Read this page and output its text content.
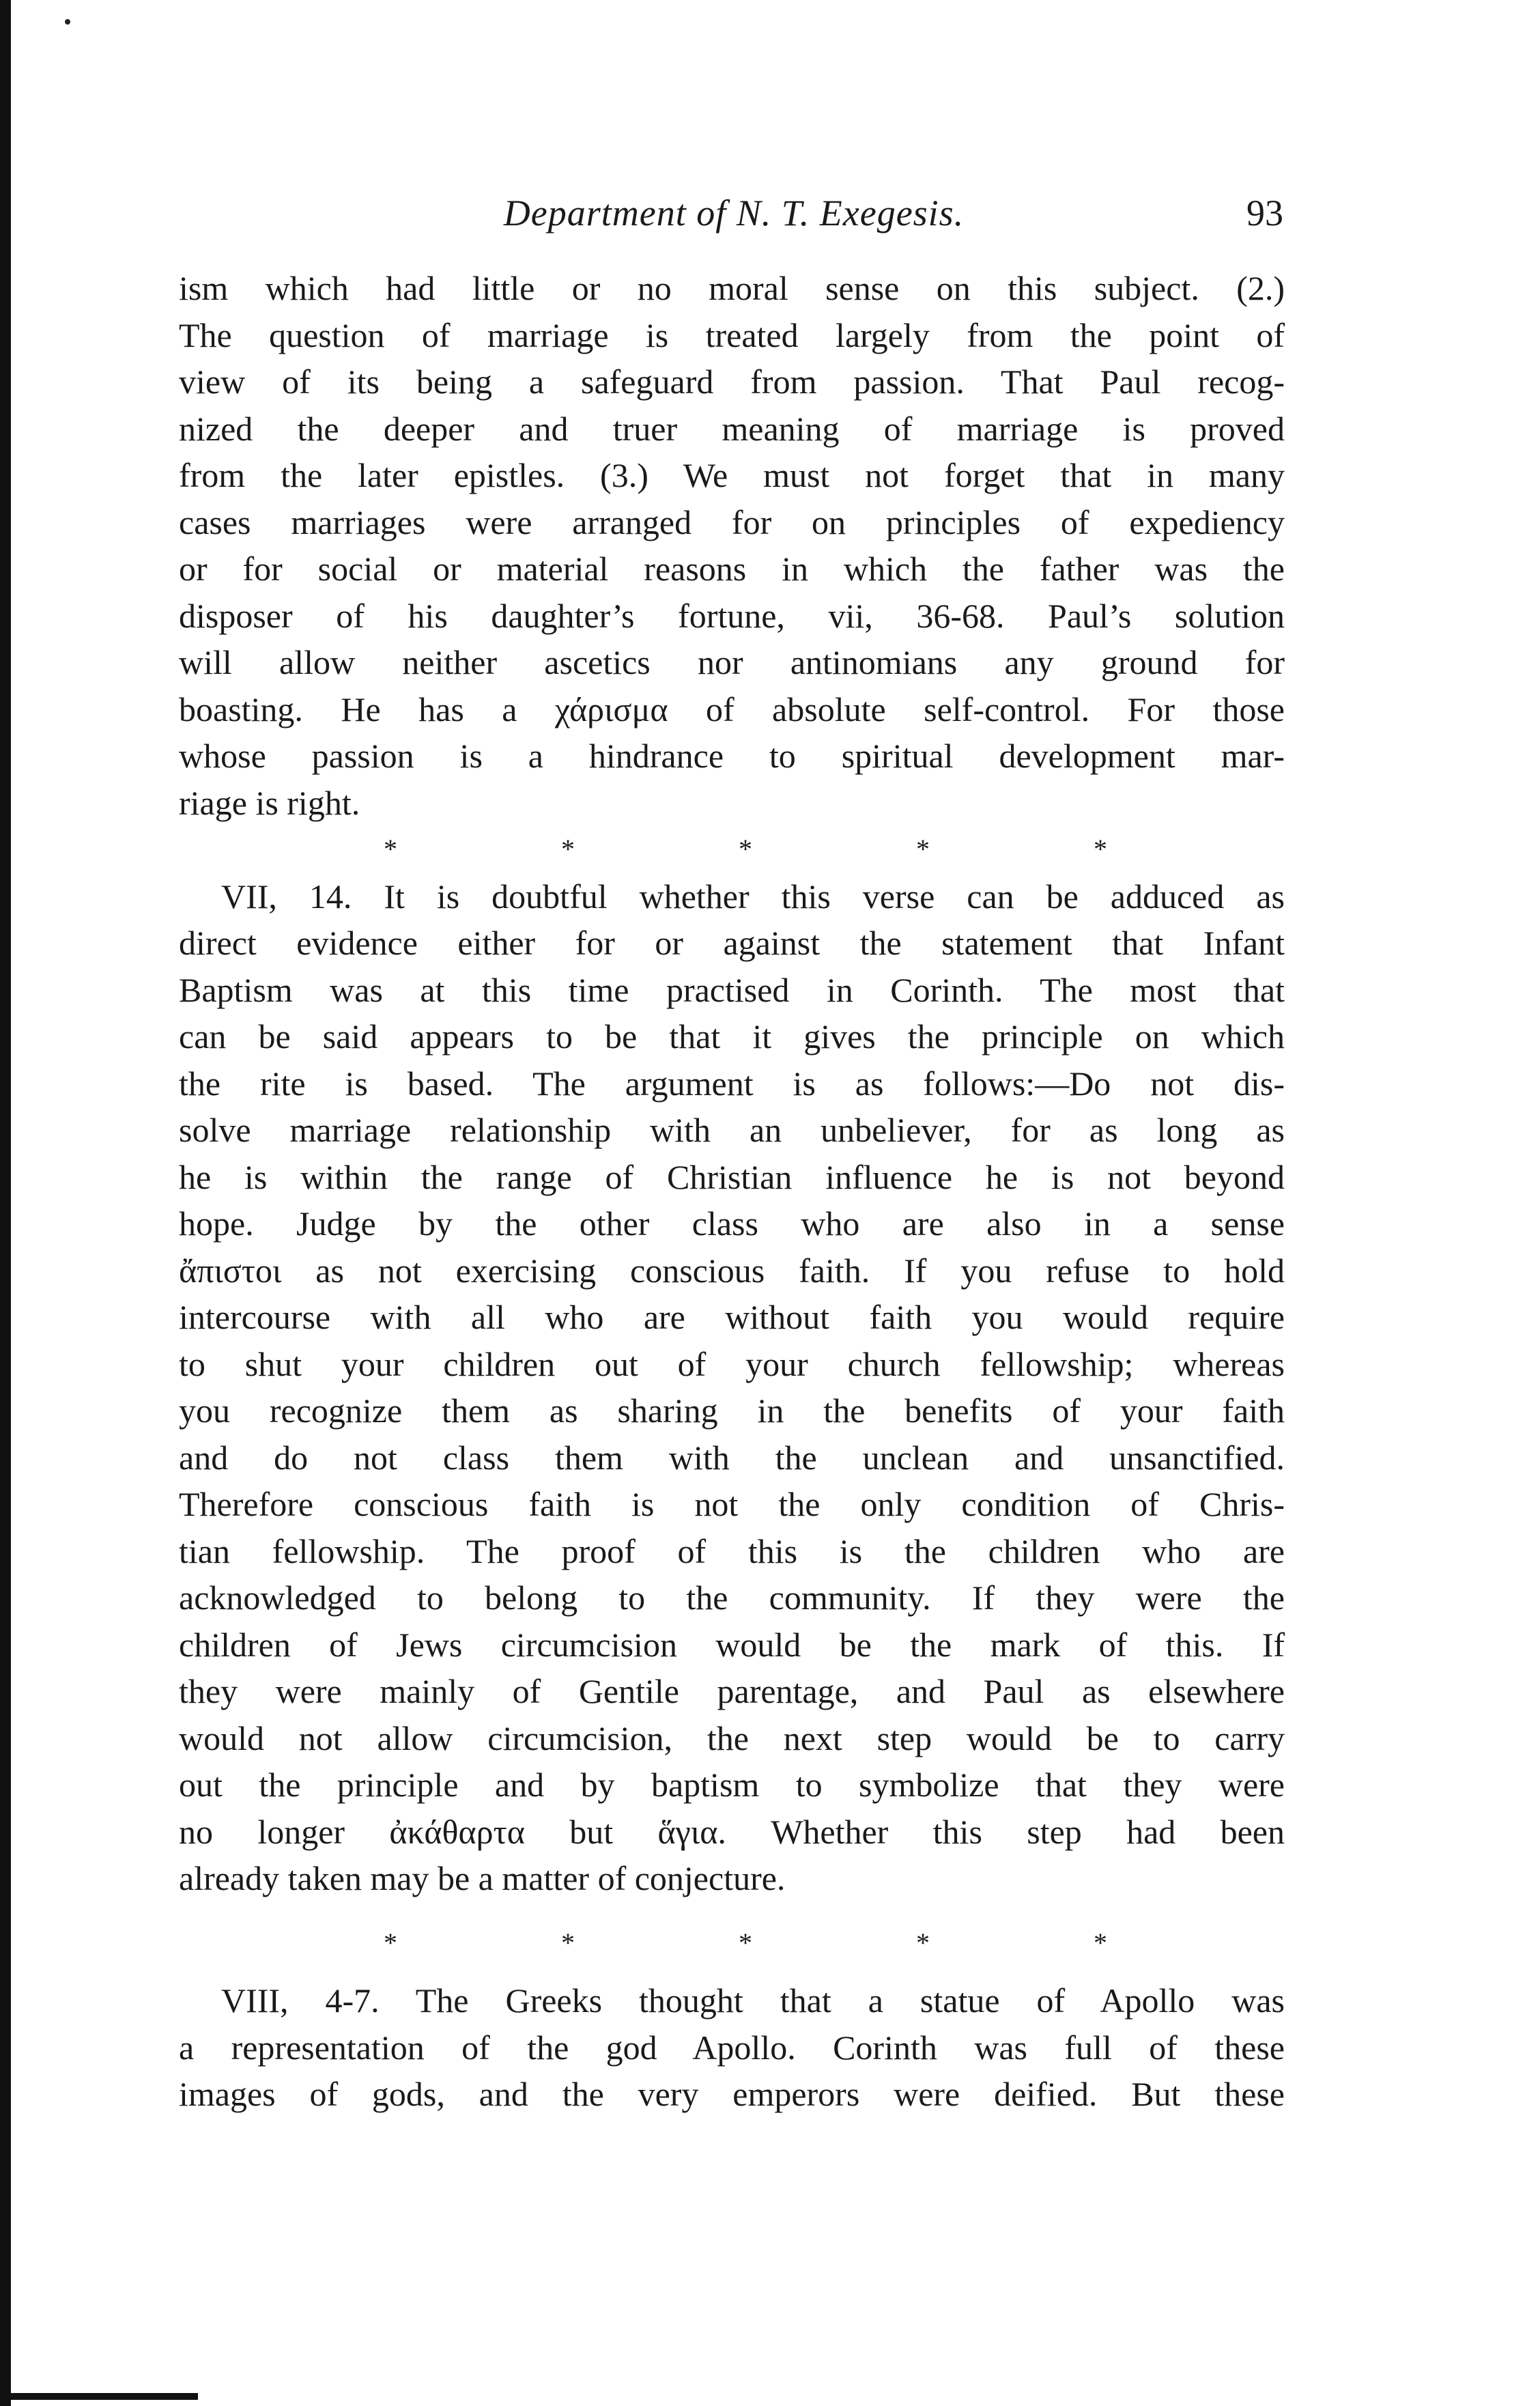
Department of N. T. Exegesis.	93
ism which had little or no moral sense on this subject. (2.)
The question of marriage is treated largely from the point of
view of its being a safeguard from passion. That Paul recog-
nized the deeper and truer meaning of marriage is proved
from the later epistles. (3.) We must not forget that in many
cases marriages were arranged for on principles of expediency
or for social or material reasons in which the father was the
disposer of his daughter’s fortune, vii, 36-68. Paul’s solution
will allow neither ascetics nor antinomians any ground for
boasting. He has a χάρισμα of absolute self-control. For those
whose passion is a hindrance to spiritual development mar-
riage is right.
*	*	*	*	*
VII, 14. It is doubtful whether this verse can be adduced as
direct evidence either for or against the statement that Infant
Baptism was at this time practised in Corinth. The most that
can be said appears to be that it gives the principle on which
the rite is based. The argument is as follows:—Do not dis-
solve marriage relationship with an unbeliever, for as long as
he is within the range of Christian influence he is not beyond
hope. Judge by the other class who are also in a sense
ἄπιστοι as not exercising conscious faith. If you refuse to hold
intercourse with all who are without faith you would require
to shut your children out of your church fellowship; whereas
you recognize them as sharing in the benefits of your faith
and do not class them with the unclean and unsanctified.
Therefore conscious faith is not the only condition of Chris-
tian fellowship. The proof of this is the children who are
acknowledged to belong to the community. If they were the
children of Jews circumcision would be the mark of this. If
they were mainly of Gentile parentage, and Paul as elsewhere
would not allow circumcision, the next step would be to carry
out the principle and by baptism to symbolize that they were
no longer ἀκάθαρτα but ἅγια. Whether this step had been
already taken may be a matter of conjecture.
*	*	*	*	*
VIII, 4-7. The Greeks thought that a statue of Apollo was
a representation of the god Apollo. Corinth was full of these
images of gods, and the very emperors were deified. But these
